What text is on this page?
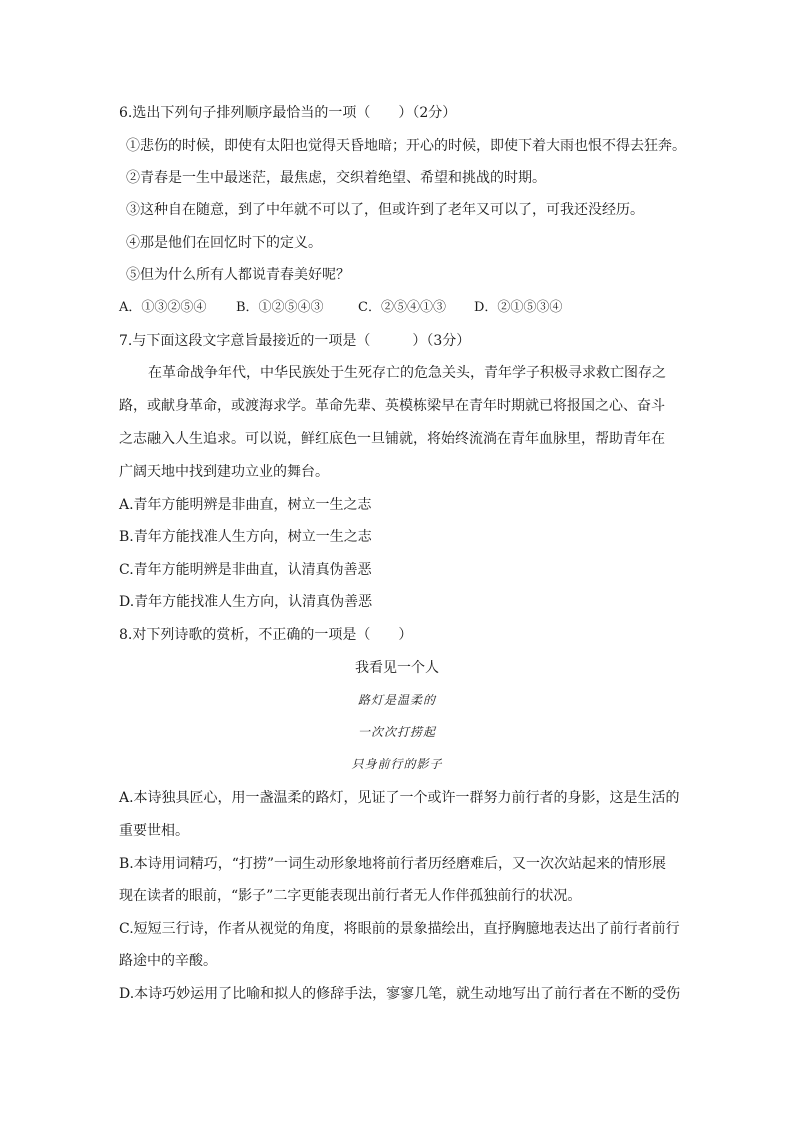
6.选出下列句子排列顺序最恰当的一项（　　）（2分）
①悲伤的时候，即使有太阳也觉得天昏地暗；开心的时候，即使下着大雨也恨不得去狂奔。
②青春是一生中最迷茫，最焦虑，交织着绝望、希望和挑战的时期。
③这种自在随意，到了中年就不可以了，但或许到了老年又可以了，可我还没经历。
④那是他们在回忆时下的定义。
⑤但为什么所有人都说青春美好呢？
A．①③②⑤④ B．①②⑤④③	C．②⑤④①③ D．②①⑤③④
7.与下面这段文字意旨最接近的一项是（　　　）（3分）
在革命战争年代，中华民族处于生死存亡的危急关头，青年学子积极寻求救亡图存之
路，或献身革命，或渡海求学。革命先辈、英模栋梁早在青年时期就已将报国之心、奋斗
之志融入人生追求。可以说，鲜红底色一旦铺就，将始终流淌在青年血脉里，帮助青年在
广阔天地中找到建功立业的舞台。
A.青年方能明辨是非曲直，树立一生之志
B.青年方能找准人生方向，树立一生之志
C.青年方能明辨是非曲直，认清真伪善恶
D.青年方能找准人生方向，认清真伪善恶
8.对下列诗歌的赏析，不正确的一项是（　　）
我看见一个人
路灯是温柔的
一次次打捞起
只身前行的影子
A.本诗独具匠心，用一盏温柔的路灯，见证了一个或许一群努力前行者的身影，这是生活的
重要世相。
B.本诗用词精巧，“打捞”一词生动形象地将前行者历经磨难后，又一次次站起来的情形展
现在读者的眼前，“影子”二字更能表现出前行者无人作伴孤独前行的状况。
C.短短三行诗，作者从视觉的角度，将眼前的景象描绘出，直抒胸臆地表达出了前行者前行
路途中的辛酸。
D.本诗巧妙运用了比喻和拟人的修辞手法，寥寥几笔，就生动地写出了前行者在不断的受伤
